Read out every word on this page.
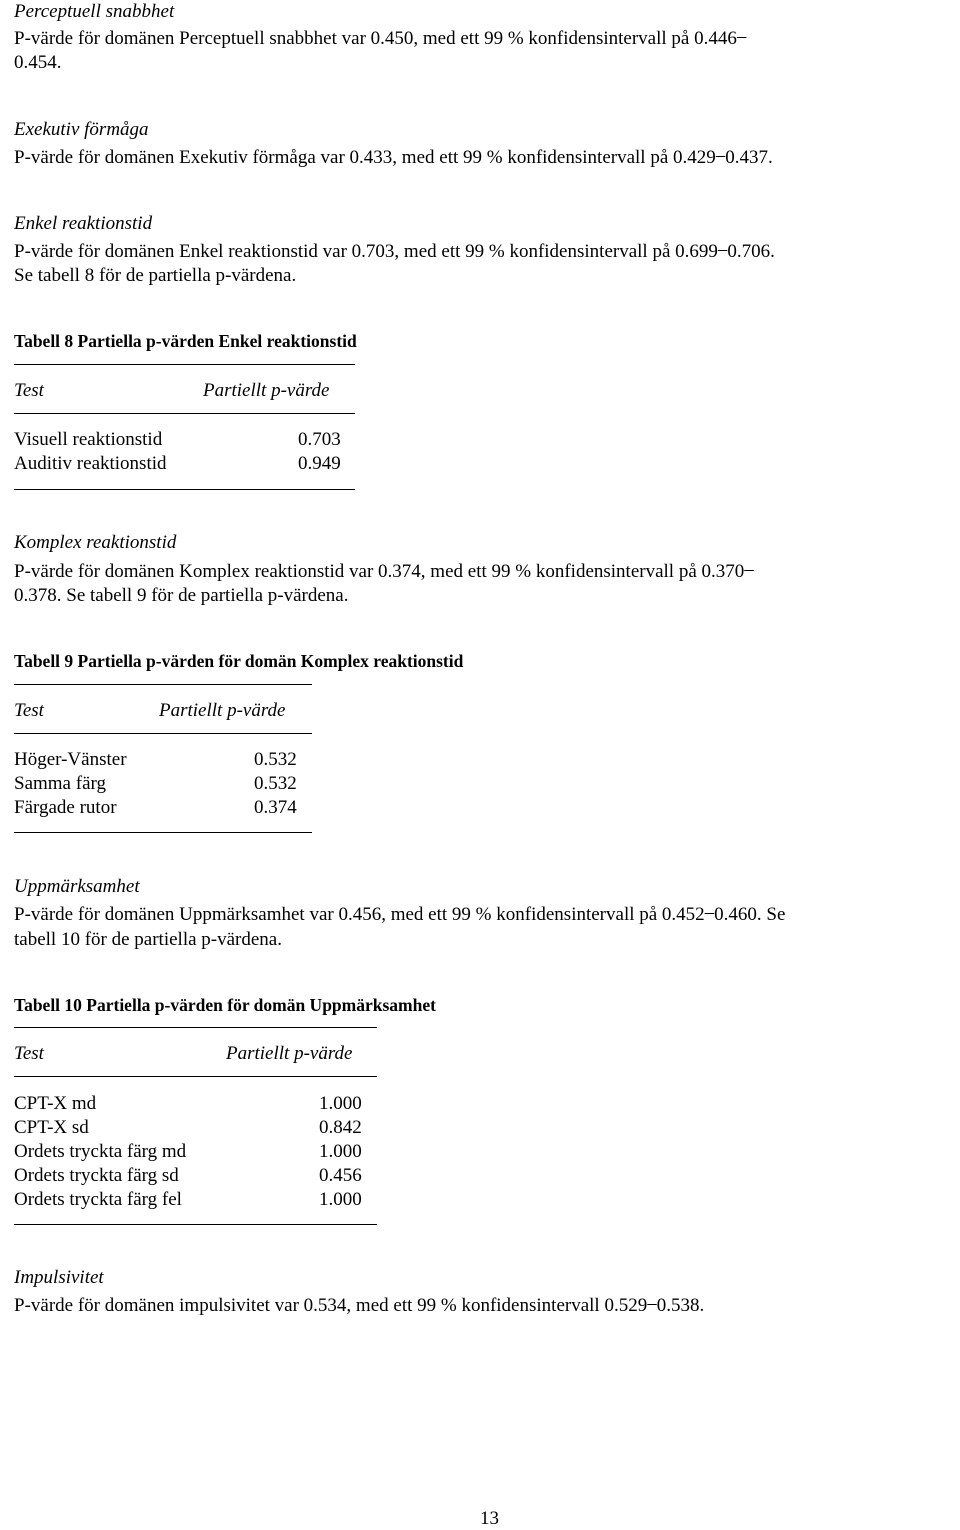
Perceptuell snabbhet
P-värde för domänen Perceptuell snabbhet var 0.450, med ett 99 % konfidensintervall på 0.446 ̶
0.454.
Exekutiv förmåga
P-värde för domänen Exekutiv förmåga var 0.433, med ett 99 % konfidensintervall på 0.429 ̶ 0.437.
Enkel reaktionstid
P-värde för domänen Enkel reaktionstid var 0.703, med ett 99 % konfidensintervall på 0.699 ̶ 0.706.
Se tabell 8 för de partiella p-värdena.
Tabell 8 Partiella p-värden Enkel reaktionstid
Test	Partiellt p-värde
Visuell reaktionstid	0.703
Auditiv reaktionstid	0.949
Komplex reaktionstid
P-värde för domänen Komplex reaktionstid var 0.374, med ett 99 % konfidensintervall på 0.370 ̶
0.378. Se tabell 9 för de partiella p-värdena.
Tabell 9 Partiella p-värden för domän Komplex reaktionstid
Test	Partiellt p-värde
Höger-Vänster	0.532
Samma färg	0.532
Färgade rutor	0.374
Uppmärksamhet
P-värde för domänen Uppmärksamhet var 0.456, med ett 99 % konfidensintervall på 0.452 ̶ 0.460. Se
tabell 10 för de partiella p-värdena.
Tabell 10 Partiella p-värden för domän Uppmärksamhet
Test	Partiellt p-värde
CPT-X md	1.000
CPT-X sd	0.842
Ordets tryckta färg md	1.000
Ordets tryckta färg sd	0.456
Ordets tryckta färg fel	1.000
Impulsivitet
P-värde för domänen impulsivitet var 0.534, med ett 99 % konfidensintervall 0.529 ̶ 0.538.
13
